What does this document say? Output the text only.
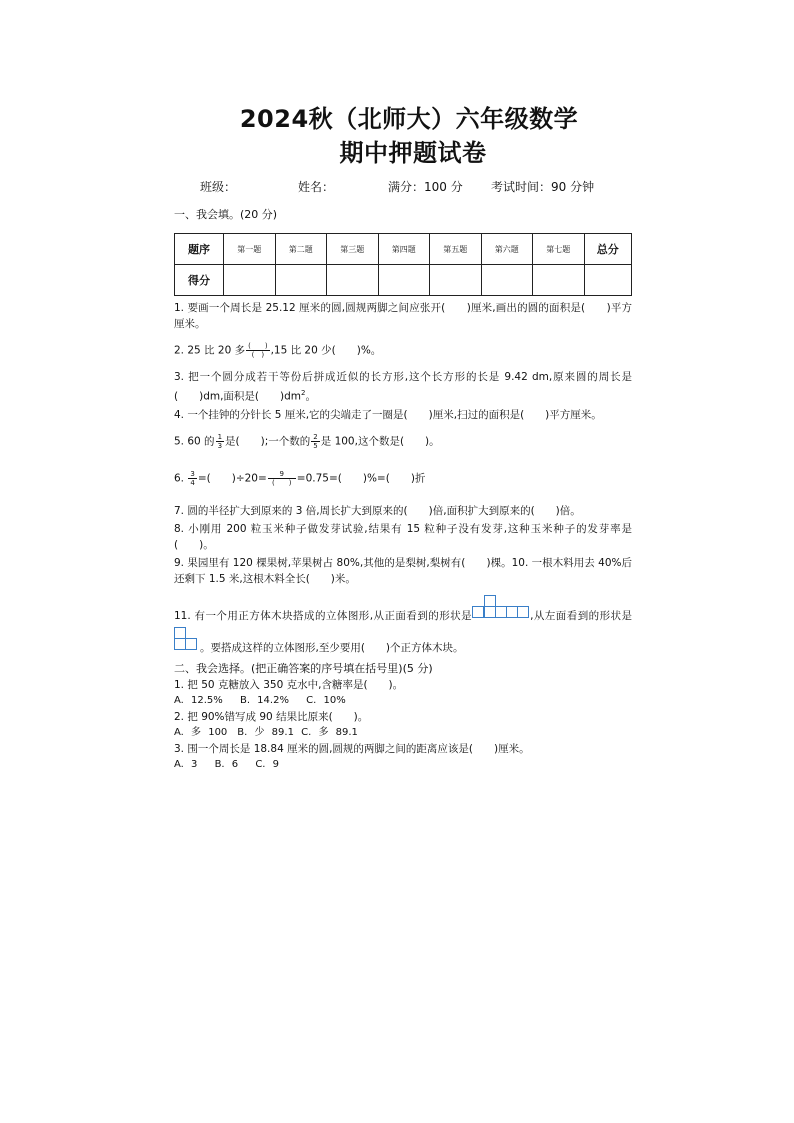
2024秋（北师大）六年级数学
期中押题试卷
班级：	姓名：	满分：100 分	考试时间：90 分钟
一、我会填。(20 分)
题序	第一题	第二题	第三题	第四题	第五题	第六题	第七题	总分
得分								
1. 要画一个周长是 25.12 厘米的圆,圆规两脚之间应张开(　　)厘米,画出的圆的面积是(　　)平方厘米。
2. 25 比 20 多 $\frac{( )}{( )} ,15$ 比 20 少(　　)%。
3. 把一个圆分成若干等份后拼成近似的长方形,这个长方形的长是 9.42 dm,原来圆的周长是(　　)dm,面积是(　　)$dm^2$。
4. 一个挂钟的分针长 5 厘米,它的尖端走了一圈是(　　)厘米,扫过的面积是(　　)平方厘米。
5. 60 的 $\frac{1}{3}$ 是(　　);一个数的 $\frac{2}{5}$ 是 100,这个数是(　　)。
6. $\frac{3}{4}$ =(　　)$\div 20= \frac{9}{( )} =0.75=$(　　)%=(　　)折
7. 圆的半径扩大到原来的 3 倍,周长扩大到原来的(　　)倍,面积扩大到原来的(　　)倍。
8. 小刚用 200 粒玉米种子做发芽试验,结果有 15 粒种子没有发芽,这种玉米种子的发芽率是(　　)。
9. 果园里有 120 棵果树,苹果树占 80%,其他的是梨树,梨树有(　　)棵。10. 一根木料用去 40%后还剩下 1.5 米,这根木料全长(　　)米。
11. 有一个用正方体木块搭成的立体图形,从正面看到的形状是	,从左面看到的形状是。要搭成这样的立体图形,至少要用(　　)个正方体木块。
二、我会选择。(把正确答案的序号填在括号里)(5 分)
1. 把 50 克糖放入 350 克水中,含糖率是(　　)。
A. 12.5%　 B. 14.2%　 C. 10%
2. 把 90%错写成 90 结果比原来(　　)。
A. 多 100　B. 少 89.1 C. 多 89.1
3. 围一个周长是 18.84 厘米的圆,圆规的两脚之间的距离应该是(　　)厘米。
A. 3　 B. 6　 C. 9
